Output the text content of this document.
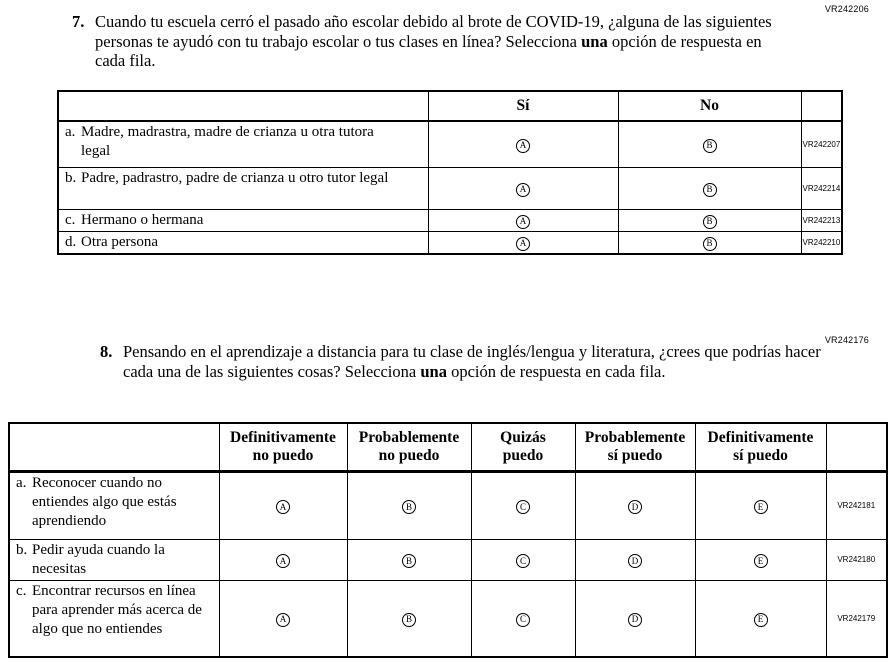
VR242206
7. Cuando tu escuela cerró el pasado año escolar debido al brote de COVID-19, ¿alguna de las siguientes personas te ayudó con tu trabajo escolar o tus clases en línea? Selecciona una opción de respuesta en cada fila.
	Sí	No	

a. Madre, madrastra, madre de crianza u otra tutora legal	A	B	VR242207

b. Padre, padrastro, padre de crianza u otro tutor legal	A	B	VR242214

c. Hermano o hermana	A	B	VR242213

d. Otra persona	A	B	VR242210
VR242176
8. Pensando en el aprendizaje a distancia para tu clase de inglés/lengua y literatura, ¿crees que podrías hacer cada una de las siguientes cosas? Selecciona una opción de respuesta en cada fila.

	Definitivamente
no puedo	Probablemente
no puedo	Quizás
puedo	Probablemente
sí puedo	Definitivamente
sí puedo	

a. Reconocer cuando no entiendes algo que estás aprendiendo	A	B	C	D	E	VR242181

b. Pedir ayuda cuando la necesitas	A	B	C	D	E	VR242180

c. Encontrar recursos en línea para aprender más acerca de algo que no entiendes	A	B	C	D	E	VR242179
